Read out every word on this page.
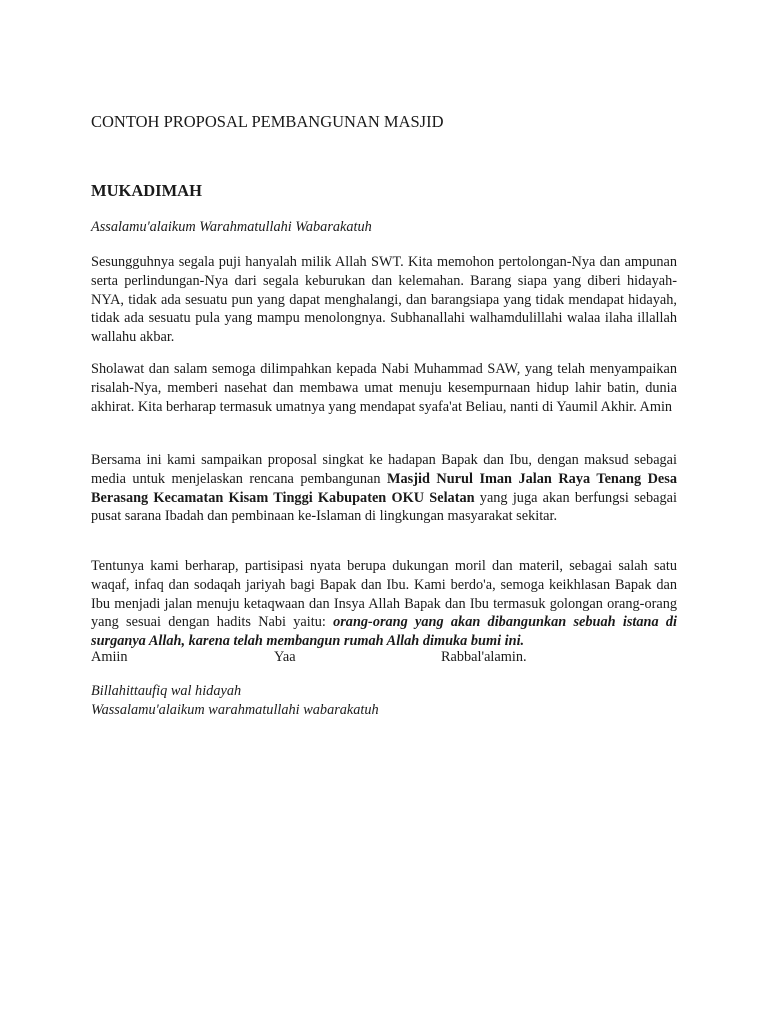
CONTOH PROPOSAL PEMBANGUNAN MASJID
MUKADIMAH
Assalamu'alaikum Warahmatullahi Wabarakatuh

Sesungguhnya segala puji hanyalah milik Allah SWT. Kita memohon pertolongan-Nya dan ampunan serta perlindungan-Nya dari segala keburukan dan kelemahan. Barang siapa yang diberi hidayah-NYA, tidak ada sesuatu pun yang dapat menghalangi, dan barangsiapa yang tidak mendapat hidayah, tidak ada sesuatu pula yang mampu menolongnya. Subhanallahi walhamdulillahi walaa ilaha illallah wallahu akbar.

Sholawat dan salam semoga dilimpahkan kepada Nabi Muhammad SAW, yang telah menyampaikan risalah-Nya, memberi nasehat dan membawa umat menuju kesempurnaan hidup lahir batin, dunia akhirat. Kita berharap termasuk umatnya yang mendapat syafa'at Beliau, nanti di Yaumil Akhir. Amin

Bersama ini kami sampaikan proposal singkat ke hadapan Bapak dan Ibu, dengan maksud sebagai media untuk menjelaskan rencana pembangunan Masjid Nurul Iman Jalan Raya Tenang Desa Berasang Kecamatan Kisam Tinggi Kabupaten OKU Selatan yang juga akan berfungsi sebagai pusat sarana Ibadah dan pembinaan ke-Islaman di lingkungan masyarakat sekitar.

Tentunya kami berharap, partisipasi nyata berupa dukungan moril dan materil, sebagai salah satu waqaf, infaq dan sodaqah jariyah bagi Bapak dan Ibu. Kami berdo'a, semoga keikhlasan Bapak dan Ibu menjadi jalan menuju ketaqwaan dan Insya Allah Bapak dan Ibu termasuk golongan orang-orang yang sesuai dengan hadits Nabi yaitu: orang-orang yang akan dibangunkan sebuah istana di surganya Allah, karena telah membangun rumah Allah dimuka bumi ini.

Amiin	Yaa	Rabbal'alamin.
Billahittaufiq wal hidayah
Wassalamu'alaikum warahmatullahi wabarakatuh
